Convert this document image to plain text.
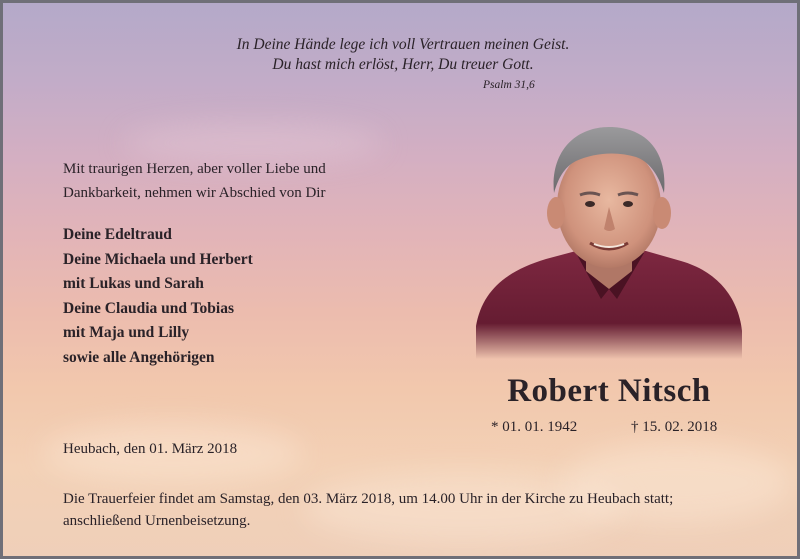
In Deine Hände lege ich voll Vertrauen meinen Geist.
Du hast mich erlöst, Herr, Du treuer Gott.
Psalm 31,6
Mit traurigen Herzen, aber voller Liebe und
Dankbarkeit, nehmen wir Abschied von Dir
Deine Edeltraud
Deine Michaela und Herbert
mit Lukas und Sarah
Deine Claudia und Tobias
mit Maja und Lilly
sowie alle Angehörigen
Robert Nitsch
* 01. 01. 1942	† 15. 02. 2018
Heubach, den 01. März 2018
Die Trauerfeier findet am Samstag, den 03. März 2018, um 14.00 Uhr in der Kirche zu Heubach statt;
anschließend Urnenbeisetzung.
